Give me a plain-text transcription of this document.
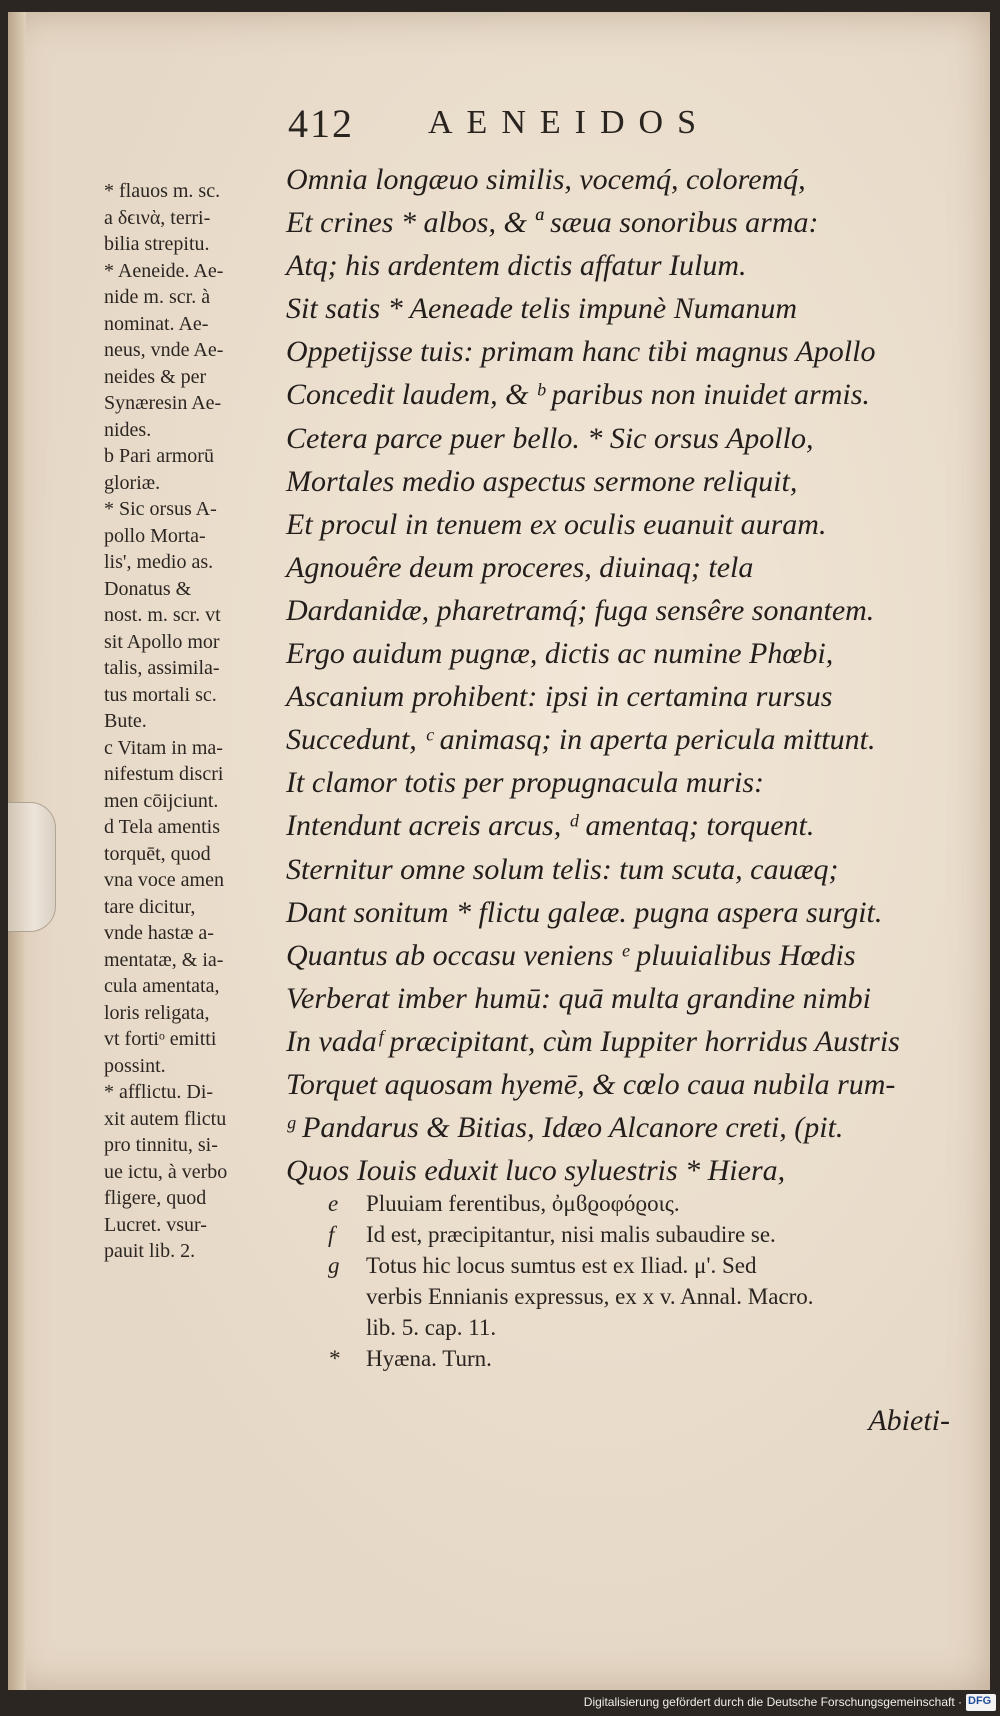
412 AENEIDOS
* flauos m. sc.
a δϵινὰ, terri-
bilia strepitu.
* Aeneide. Ae-
nide m. scr. à
nominat. Ae-
neus, vnde Ae-
neides & per
Synæresin Ae-
nides.
b Pari armorū
gloriæ.
* Sic orsus A-
pollo Morta-
lis', medio as.
Donatus &
nost. m. scr. vt
sit Apollo mor
talis, assimila-
tus mortali sc.
Bute.
c Vitam in ma-
nifestum discri
men cōijciunt.
d Tela amentis
torquēt, quod
vna voce amen
tare dicitur,
vnde hastæ a-
mentatæ, & ia-
cula amentata,
loris religata,
vt fortiᵒ emitti
possint.
* afflictu. Di-
xit autem flictu
pro tinnitu, si-
ue ictu, à verbo
fligere, quod
Lucret. vsur-
pauit lib. 2.
Omnia longæuo similis, vocemq́, coloremq́,
Et crines * albos, & ª sæua sonoribus arma:
Atq; his ardentem dictis affatur Iulum.
Sit satis * Aeneade telis impunè Numanum
Oppetijsse tuis: primam hanc tibi magnus Apollo
Concedit laudem, & ᵇ paribus non inuidet armis.
Cetera parce puer bello. * Sic orsus Apollo,
Mortales medio aspectus sermone reliquit,
Et procul in tenuem ex oculis euanuit auram.
Agnouêre deum proceres, diuinaq; tela
Dardanidæ, pharetramq́; fuga sensêre sonantem.
Ergo auidum pugnæ, dictis ac numine Phœbi,
Ascanium prohibent: ipsi in certamina rursus
Succedunt, ᶜ animasq; in aperta pericula mittunt.
It clamor totis per propugnacula muris:
Intendunt acreis arcus, ᵈ amentaq; torquent.
Sternitur omne solum telis: tum scuta, cauæq;
Dant sonitum * flictu galeæ. pugna aspera surgit.
Quantus ab occasu veniens ᵉ pluuialibus Hœdis
Verberat imber humū: quā multa grandine nimbi
In vadaᶠ præcipitant, cùm Iuppiter horridus Austris
Torquet aquosam hyemē, & cœlo caua nubila rum-
ᵍ Pandarus & Bitias, Idæo Alcanore creti, (pit.
Quos Iouis eduxit luco syluestris * Hiera,
e Pluuiam ferentibus, ὀμϐϱοφόϱοις.
f Id est, præcipitantur, nisi malis subaudire se.
g Totus hic locus sumtus est ex Iliad. μ'. Sed
verbis Ennianis expressus, ex x v. Annal. Macro.
lib. 5. cap. 11.
* Hyæna. Turn.
Abieti-
Digitalisierung gefördert durch die Deutsche Forschungsgemeinschaft · DFG
